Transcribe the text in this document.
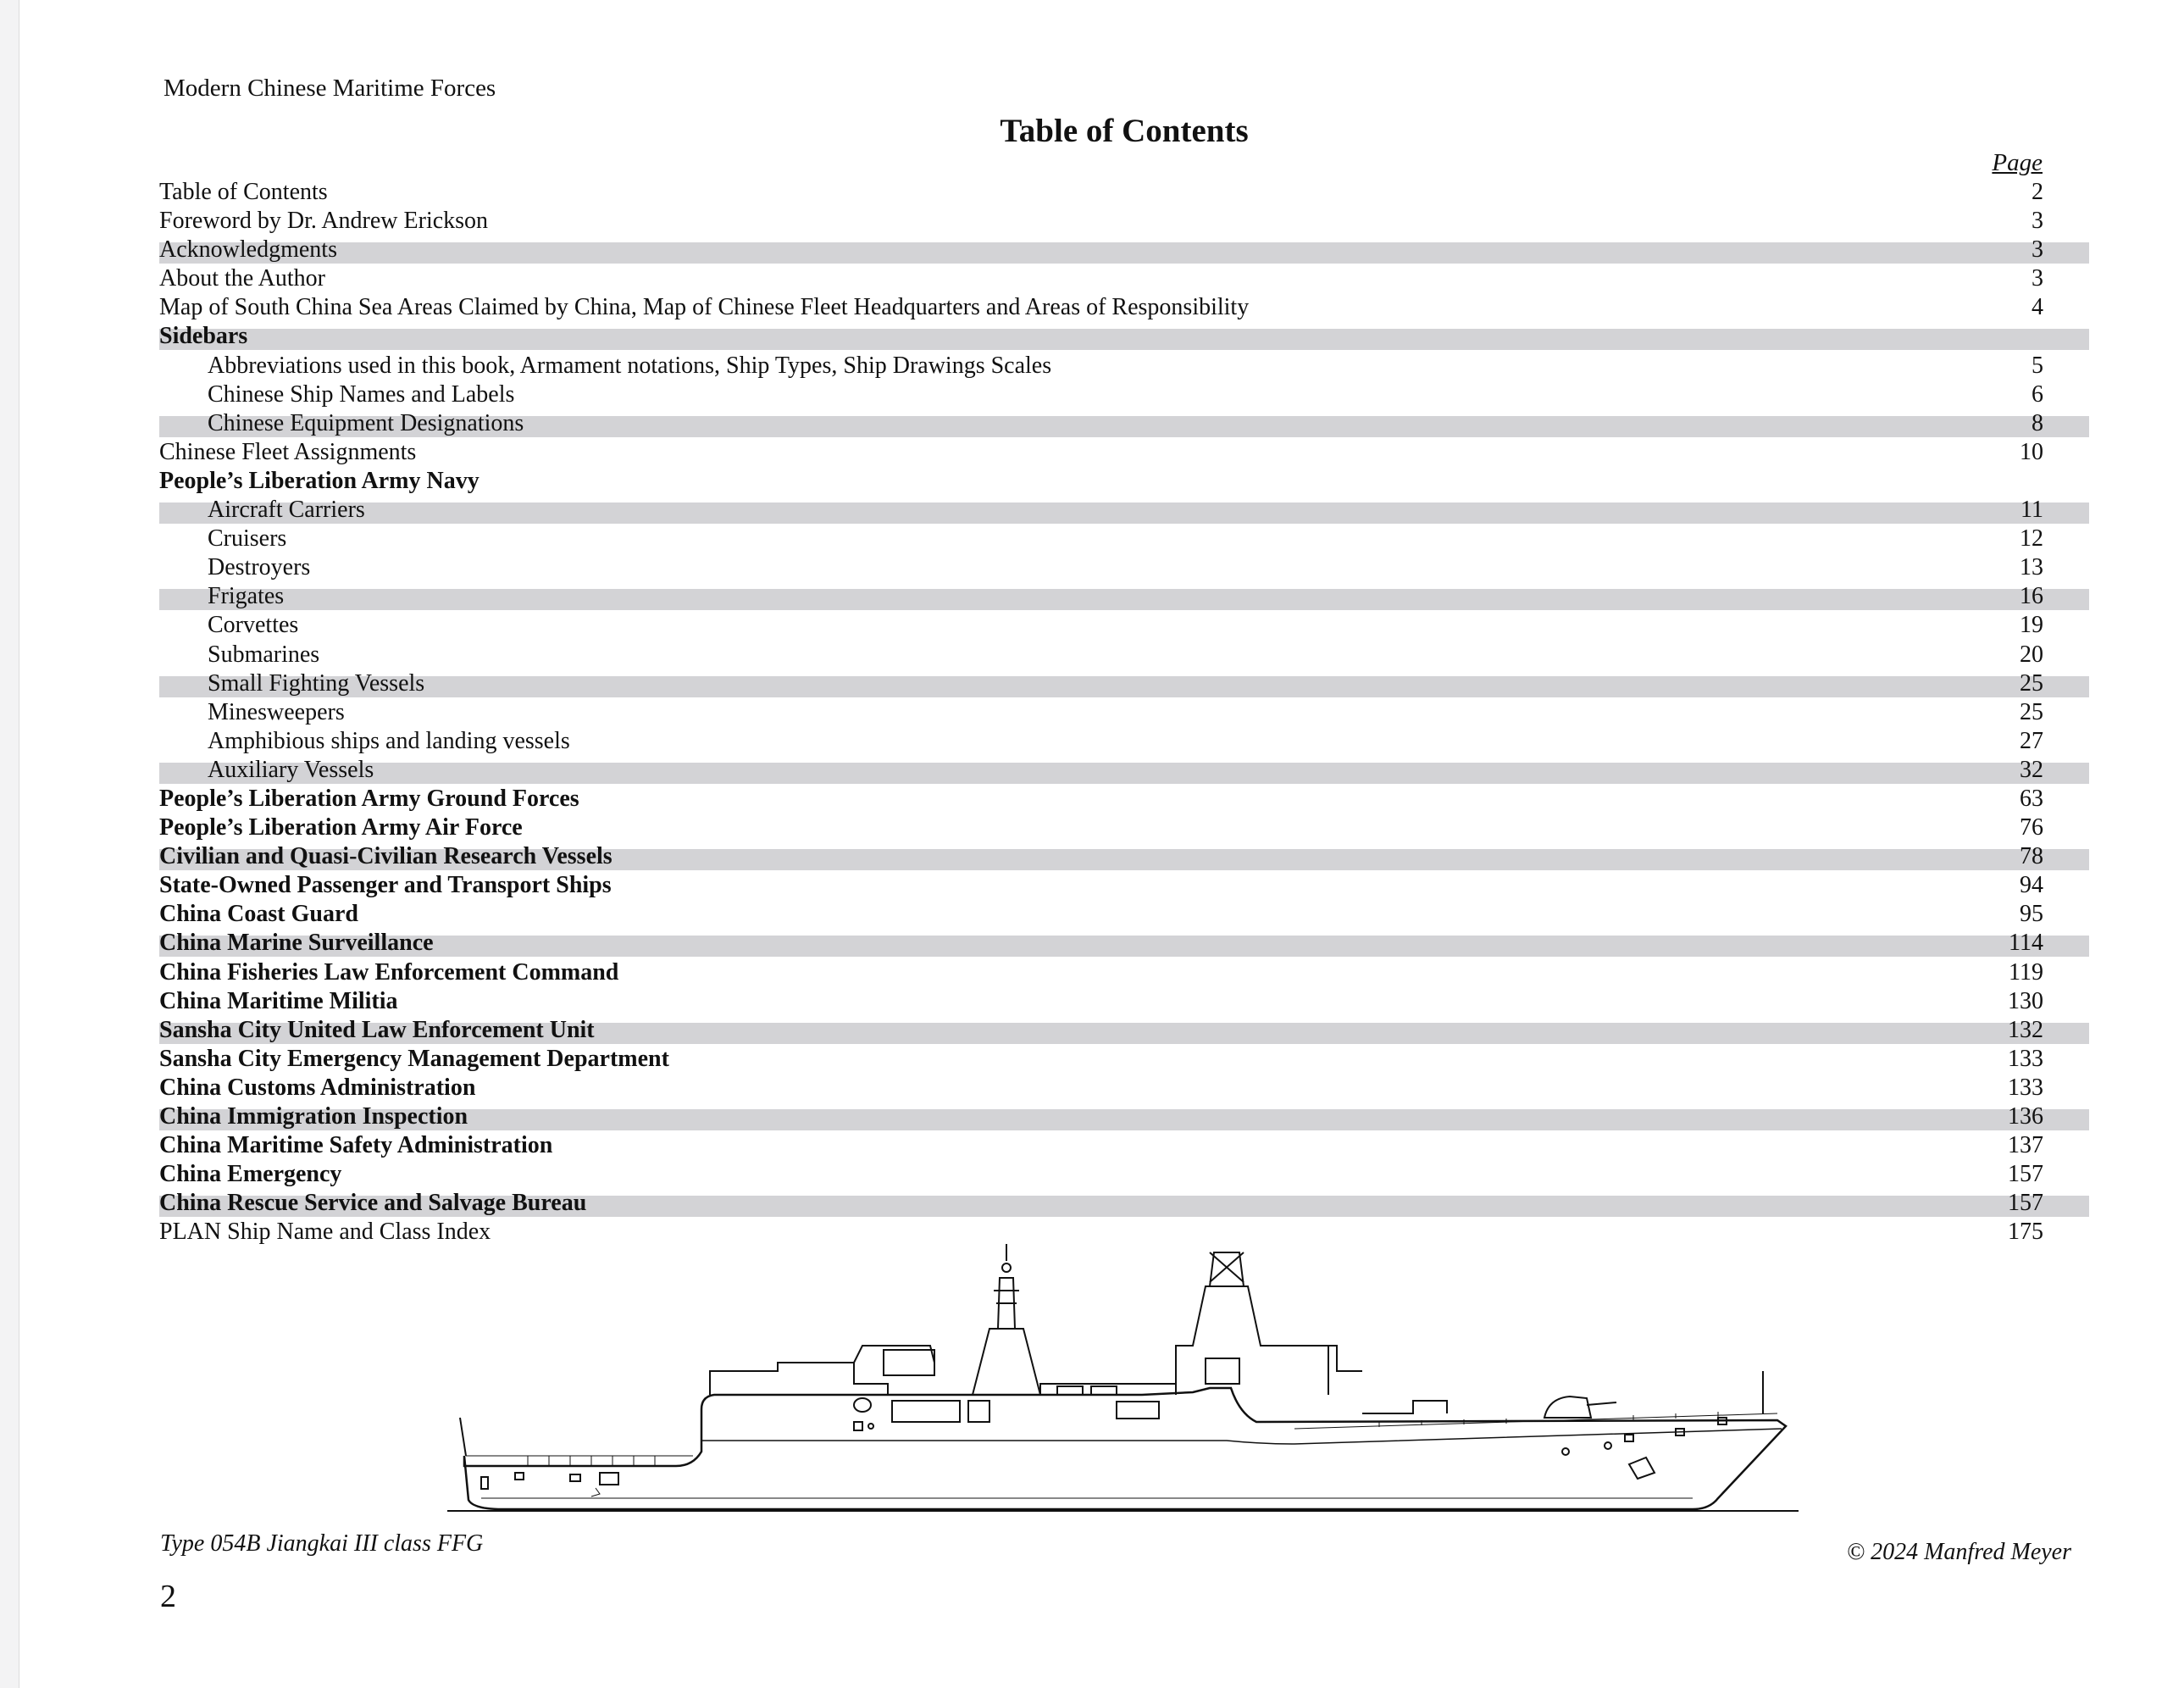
Modern Chinese Maritime Forces
Table of Contents
Page
Table of Contents	2
Foreword by Dr. Andrew Erickson	3
Acknowledgments	3
About the Author	3
Map of South China Sea Areas Claimed by China, Map of Chinese Fleet Headquarters and Areas of Responsibility	4
Sidebars
Abbreviations used in this book, Armament notations, Ship Types, Ship Drawings Scales	5
Chinese Ship Names and Labels	6
Chinese Equipment Designations	8
Chinese Fleet Assignments	10
People’s Liberation Army Navy
Aircraft Carriers	11
Cruisers	12
Destroyers	13
Frigates	16
Corvettes	19
Submarines	20
Small Fighting Vessels	25
Minesweepers	25
Amphibious ships and landing vessels	27
Auxiliary Vessels	32
People’s Liberation Army Ground Forces	63
People’s Liberation Army Air Force	76
Civilian and Quasi-Civilian Research Vessels	78
State-Owned Passenger and Transport Ships	94
China Coast Guard	95
China Marine Surveillance	114
China Fisheries Law Enforcement Command	119
China Maritime Militia	130
Sansha City United Law Enforcement Unit	132
Sansha City Emergency Management Department	133
China Customs Administration	133
China Immigration Inspection	136
China Maritime Safety Administration	137
China Emergency	157
China Rescue Service and Salvage Bureau	157
PLAN Ship Name and Class Index	175
Type 054B Jiangkai III class FFG	© 2024 Manfred Meyer
2
